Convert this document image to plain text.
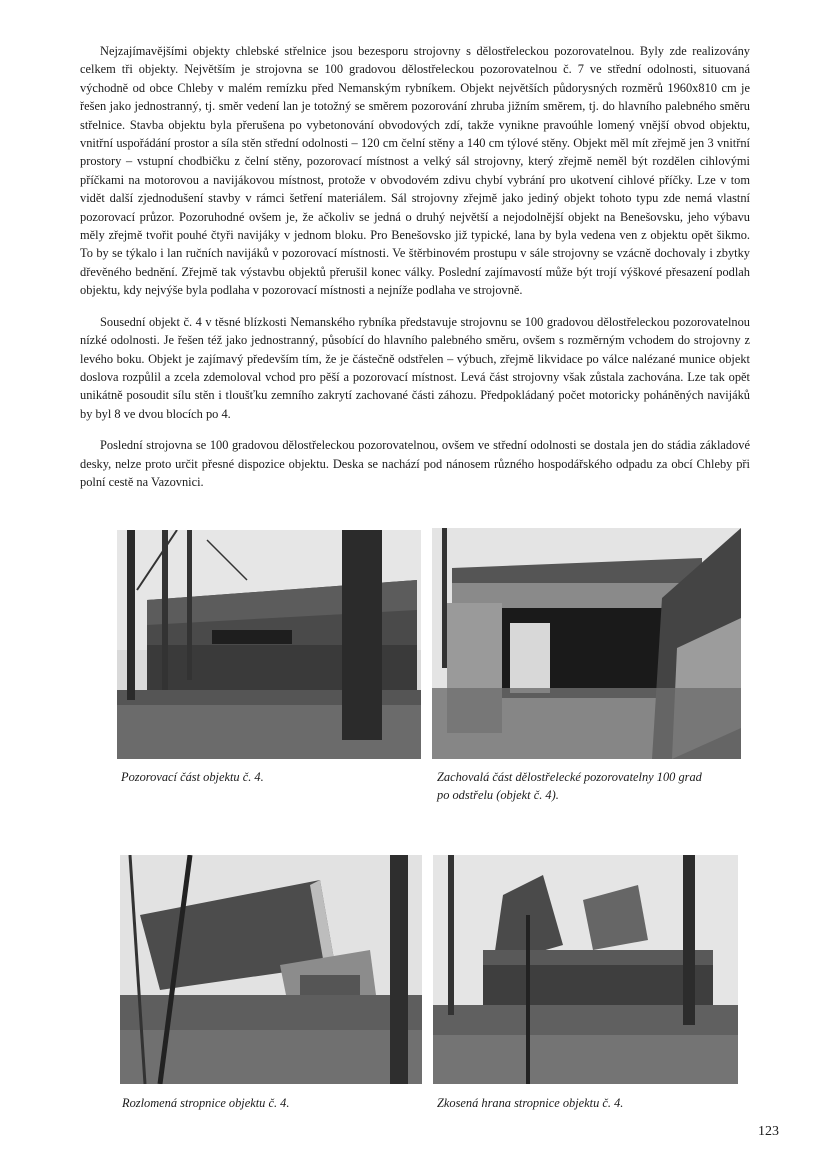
Nejzajímavějšími objekty chlebské střelnice jsou bezesporu strojovny s dělostřeleckou pozorovatelnou. Byly zde realizovány celkem tři objekty. Největším je strojovna se 100 gradovou dělostřeleckou pozorovatelnou č. 7 ve střední odolnosti, situovaná východně od obce Chleby v malém remízku před Nemanským rybníkem. Objekt největších půdorysných rozměrů 1960x810 cm je řešen jako jednostranný, tj. směr vedení lan je totožný se směrem pozorování zhruba jižním směrem, tj. do hlavního palebného směru střelnice. Stavba objektu byla přerušena po vybetonování obvodových zdí, takže vynikne pravoúhle lomený vnější obvod objektu, vnitřní uspořádání prostor a síla stěn střední odolnosti – 120 cm čelní stěny a 140 cm týlové stěny. Objekt měl mít zřejmě jen 3 vnitřní prostory – vstupní chodbičku z čelní stěny, pozorovací místnost a velký sál strojovny, který zřejmě neměl být rozdělen cihlovými příčkami na motorovou a navijákovou místnost, protože v obvodovém zdivu chybí vybrání pro ukotvení cihlové příčky. Lze v tom vidět další zjednodušení stavby v rámci šetření materiálem. Sál strojovny zřejmě jako jediný objekt tohoto typu zde nemá vlastní pozorovací průzor. Pozoruhodné ovšem je, že ačkoliv se jedná o druhý největší a nejodolnější objekt na Benešovsku, jeho výbavu měly zřejmě tvořit pouhé čtyři navijáky v jednom bloku. Pro Benešovsko již typické, lana by byla vedena ven z objektu opět šikmo. To by se týkalo i lan ručních navijáků v pozorovací místnosti. Ve štěrbinovém prostupu v sále strojovny se vzácně dochovaly i zbytky dřevěného bednění. Zřejmě tak výstavbu objektů přerušil konec války. Poslední zajímavostí může být trojí výškové přesazení podlah objektu, kdy nejvýše byla podlaha v pozorovací místnosti a nejníže podlaha ve strojovně.

Sousední objekt č. 4 v těsné blízkosti Nemanského rybníka představuje strojovnu se 100 gradovou dělostřeleckou pozorovatelnou nízké odolnosti. Je řešen též jako jednostranný, působící do hlavního palebného směru, ovšem s rozměrným vchodem do strojovny z levého boku. Objekt je zajímavý především tím, že je částečně odstřelen – výbuch, zřejmě likvidace po válce nalézané munice objekt doslova rozpůlil a zcela zdemoloval vchod pro pěší a pozorovací místnost. Levá část strojovny však zůstala zachována. Lze tak opět unikátně posoudit sílu stěn i tloušťku zemního zakrytí zachované části záhozu. Předpokládaný počet motoricky poháněných navijáků by byl 8 ve dvou blocích po 4.

Poslední strojovna se 100 gradovou dělostřeleckou pozorovatelnou, ovšem ve střední odolnosti se dostala jen do stádia základové desky, nelze proto určit přesné dispozice objektu. Deska se nachází pod nánosem různého hospodářského odpadu za obcí Chleby při polní cestě na Vazovnici.

Pozorovací část objektu č. 4.	Zachovalá část dělostřelecké pozorovatelny 100 grad
po odstřelu (objekt č. 4).
Rozlomená stropnice objektu č. 4.	Zkosená hrana stropnice objektu č. 4.
123
